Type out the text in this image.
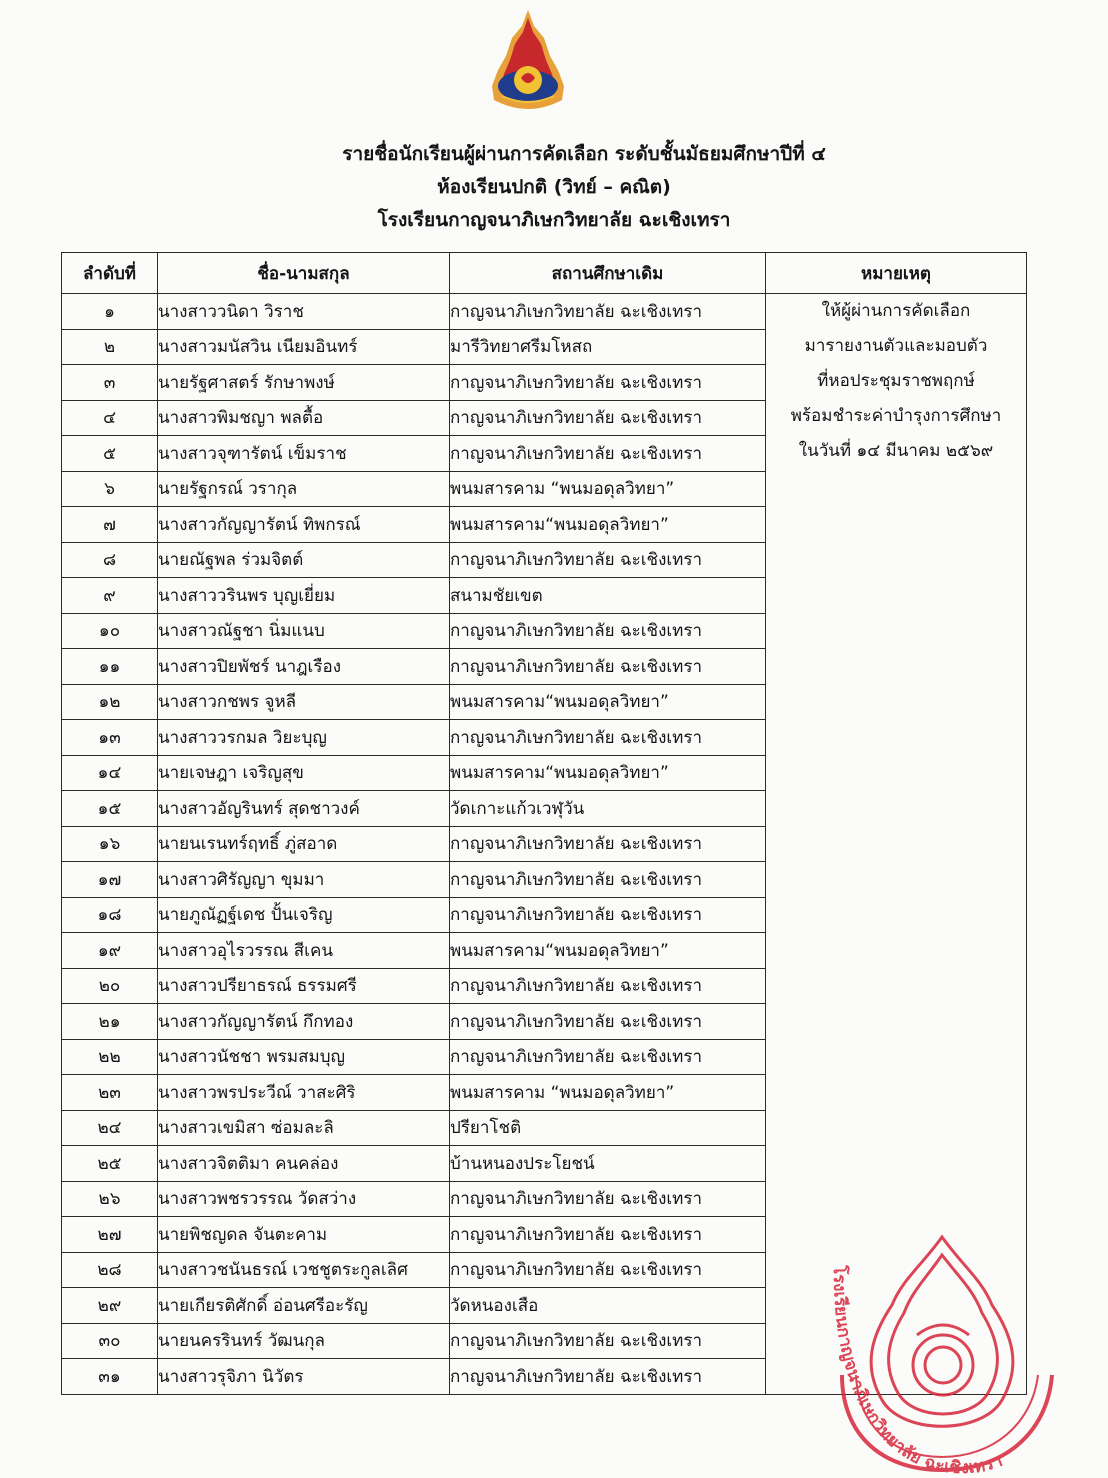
รายชื่อนักเรียนผู้ผ่านการคัดเลือก ระดับชั้นมัธยมศึกษาปีที่ ๔
ห้องเรียนปกติ (วิทย์ – คณิต)
โรงเรียนกาญจนาภิเษกวิทยาลัย ฉะเชิงเทรา
ลำดับที่	ชื่อ-นามสกุล	สถานศึกษาเดิม	หมายเหตุ
๑	นางสาววนิดา วิราช	กาญจนาภิเษกวิทยาลัย ฉะเชิงเทรา	ให้ผู้ผ่านการคัดเลือก
มารายงานตัวและมอบตัว
ที่หอประชุมราชพฤกษ์
พร้อมชำระค่าบำรุงการศึกษา
ในวันที่ ๑๔ มีนาคม ๒๕๖๙

๒	นางสาวมนัสวิน เนียมอินทร์	มารีวิทยาศรีมโหสถ	
๓	นายรัฐศาสตร์ รักษาพงษ์	กาญจนาภิเษกวิทยาลัย ฉะเชิงเทรา	
๔	นางสาวพิมชญา พลตื้อ	กาญจนาภิเษกวิทยาลัย ฉะเชิงเทรา	
๕	นางสาวจุฑารัตน์ เข็มราช	กาญจนาภิเษกวิทยาลัย ฉะเชิงเทรา	
๖	นายรัฐกรณ์ วรากุล	พนมสารคาม “พนมอดุลวิทยา”	
๗	นางสาวกัญญารัตน์ ทิพกรณ์	พนมสารคาม“พนมอดุลวิทยา”	
๘	นายณัฐพล ร่วมจิตต์	กาญจนาภิเษกวิทยาลัย ฉะเชิงเทรา	
๙	นางสาววรินพร บุญเยี่ยม	สนามชัยเขต	
๑๐	นางสาวณัฐชา นิ่มแนบ	กาญจนาภิเษกวิทยาลัย ฉะเชิงเทรา	
๑๑	นางสาวปิยพัชร์ นาฎเรือง	กาญจนาภิเษกวิทยาลัย ฉะเชิงเทรา	
๑๒	นางสาวกชพร จูหลี	พนมสารคาม“พนมอดุลวิทยา”	
๑๓	นางสาววรกมล วิยะบุญ	กาญจนาภิเษกวิทยาลัย ฉะเชิงเทรา	
๑๔	นายเจษฎา เจริญสุข	พนมสารคาม“พนมอดุลวิทยา”	
๑๕	นางสาวอัญรินทร์ สุดชาวงค์	วัดเกาะแก้วเวฬุวัน	
๑๖	นายนเรนทร์ฤทธิ์ ภู่สอาด	กาญจนาภิเษกวิทยาลัย ฉะเชิงเทรา	
๑๗	นางสาวศิรัญญา ขุมมา	กาญจนาภิเษกวิทยาลัย ฉะเชิงเทรา	
๑๘	นายภูณัฏฐ์เดช ปั้นเจริญ	กาญจนาภิเษกวิทยาลัย ฉะเชิงเทรา	
๑๙	นางสาวอุไรวรรณ สีเคน	พนมสารคาม“พนมอดุลวิทยา”	
๒๐	นางสาวปรียาธรณ์ ธรรมศรี	กาญจนาภิเษกวิทยาลัย ฉะเชิงเทรา	
๒๑	นางสาวกัญญารัตน์ กึกทอง	กาญจนาภิเษกวิทยาลัย ฉะเชิงเทรา	
๒๒	นางสาวนัชชา พรมสมบุญ	กาญจนาภิเษกวิทยาลัย ฉะเชิงเทรา	
๒๓	นางสาวพรประวีณ์ วาสะศิริ	พนมสารคาม “พนมอดุลวิทยา”	
๒๔	นางสาวเขมิสา ซ่อมละลิ	ปรียาโชติ	
๒๕	นางสาวจิตติมา คนคล่อง	บ้านหนองประโยชน์	
๒๖	นางสาวพชรวรรณ วัดสว่าง	กาญจนาภิเษกวิทยาลัย ฉะเชิงเทรา	
๒๗	นายพิชญดล จันตะคาม	กาญจนาภิเษกวิทยาลัย ฉะเชิงเทรา	
๒๘	นางสาวชนันธรณ์ เวชชูตระกูลเลิศ	กาญจนาภิเษกวิทยาลัย ฉะเชิงเทรา	
๒๙	นายเกียรติศักดิ์ อ่อนศรีอะรัญ	วัดหนองเสือ	
๓๐	นายนครรินทร์ วัฒนกุล	กาญจนาภิเษกวิทยาลัย ฉะเชิงเทรา	
๓๑	นางสาวรุจิภา นิวัตร	กาญจนาภิเษกวิทยาลัย ฉะเชิงเทรา	
โรงเรียนกาญจนาภิเษกวิทยาลัย ฉะเชิงเทรา
